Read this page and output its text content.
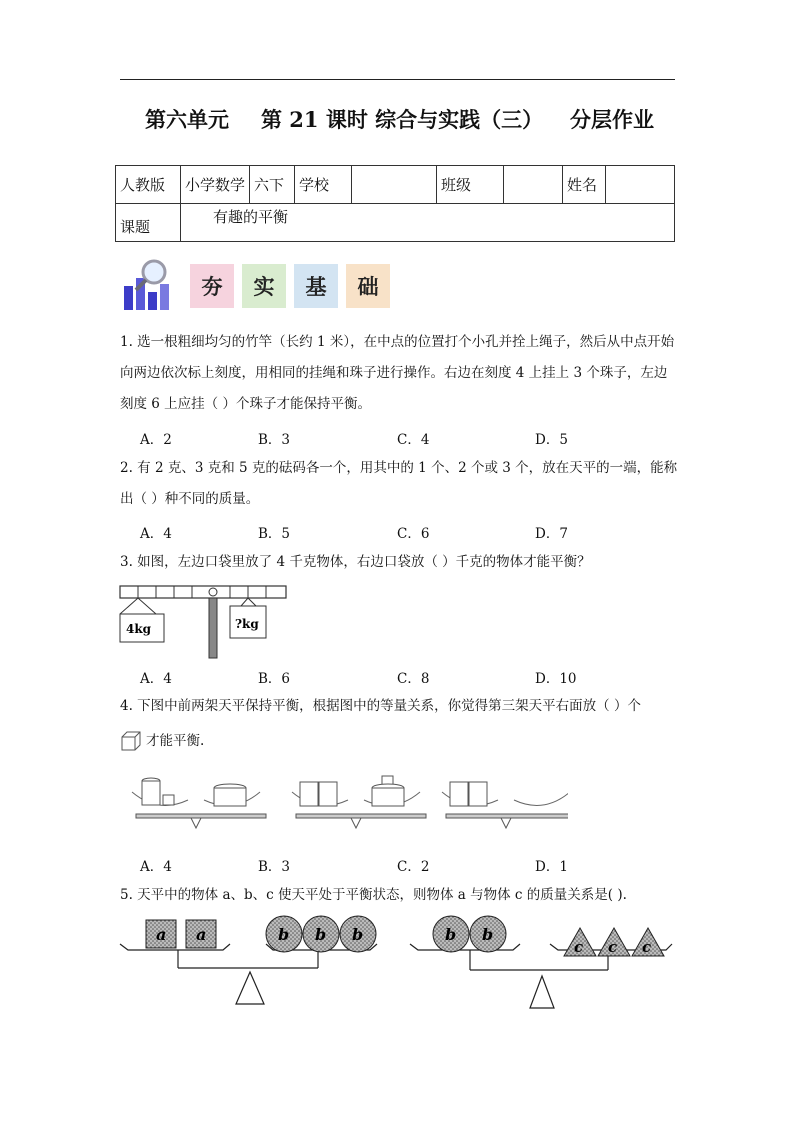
第六单元 第 21 课时 综合与实践（三） 分层作业
人教版	小学数学	六下	学校		班级		姓名	
课题	有趣的平衡							
夯	实	基	础
1. 选一根粗细均匀的竹竿（长约 1 米），在中点的位置打个小孔并拴上绳子，然后从中点开始向两边依次标上刻度，用相同的挂绳和珠子进行操作。右边在刻度 4 上挂上 3 个珠子，左边刻度 6 上应挂（ ）个珠子才能保持平衡。
A．2	B．3	C．4	D．5
2. 有 2 克、3 克和 5 克的砝码各一个，用其中的 1 个、2 个或 3 个，放在天平的一端，能称出（ ）种不同的质量。
A．4	B．5	C．6	D．7
3. 如图，左边口袋里放了 4 千克物体，右边口袋放（ ）千克的物体才能平衡？
4kg	?kg
A．4	B．6	C．8	D．10
4. 下图中前两架天平保持平衡，根据图中的等量关系，你觉得第三架天平右面放（ ）个
才能平衡.
A．4	B．3	C．2	D．1
5. 天平中的物体 a、b、c 使天平处于平衡状态，则物体 a 与物体 c 的质量关系是( ).
a a	b b b	b b
c c c
